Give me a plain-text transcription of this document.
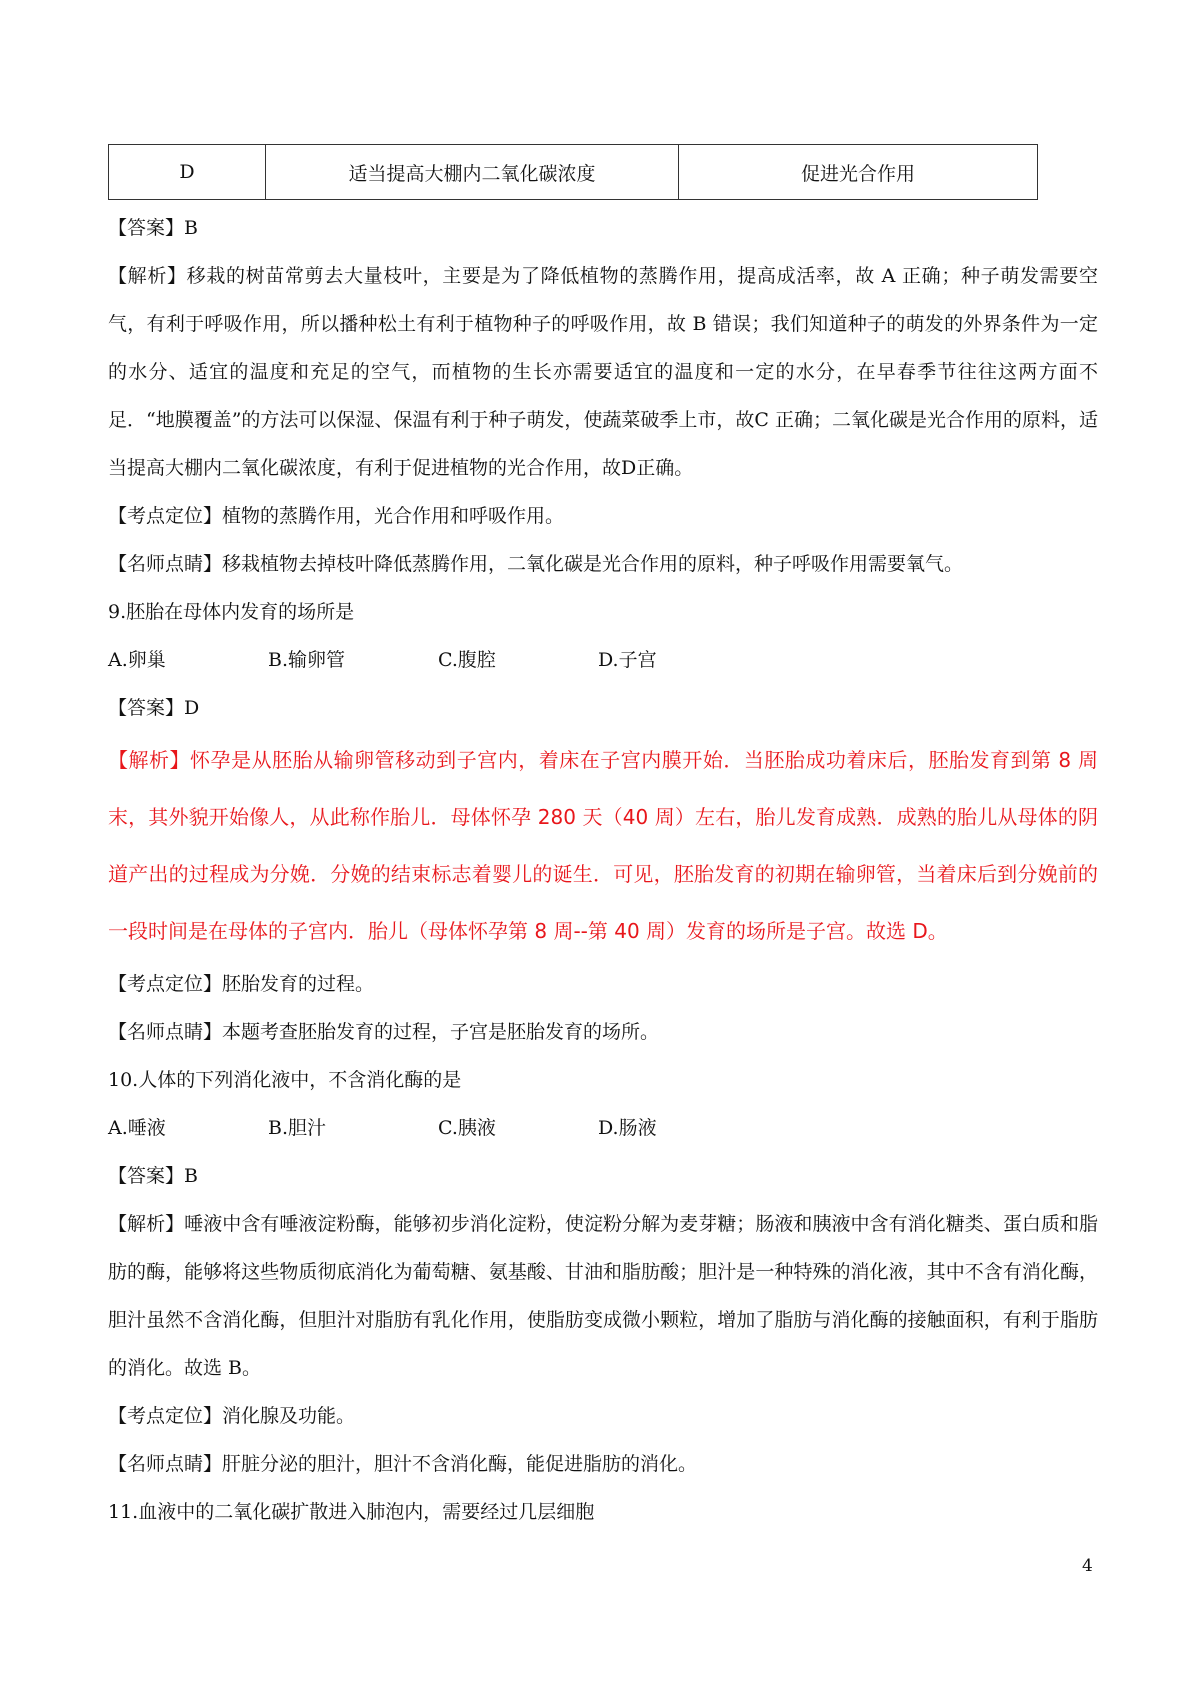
D	适当提高大棚内二氧化碳浓度	促进光合作用

【答案】B

【解析】移栽的树苗常剪去大量枝叶，主要是为了降低植物的蒸腾作用，提高成活率，故 A 正确；种子萌发需要空气，有利于呼吸作用，所以播种松土有利于植物种子的呼吸作用，故 B 错误；我们知道种子的萌发的外界条件为一定的水分、适宜的温度和充足的空气，而植物的生长亦需要适宜的温度和一定的水分，在早春季节往往这两方面不足．“地膜覆盖”的方法可以保湿、保温有利于种子萌发，使蔬菜破季上市，故C 正确；二氧化碳是光合作用的原料，适当提高大棚内二氧化碳浓度，有利于促进植物的光合作用，故D正确。

【考点定位】植物的蒸腾作用，光合作用和呼吸作用。

【名师点睛】移栽植物去掉枝叶降低蒸腾作用，二氧化碳是光合作用的原料，种子呼吸作用需要氧气。

9.胚胎在母体内发育的场所是

A.卵巢	B.输卵管	C.腹腔	D.子宫

【答案】D

【解析】怀孕是从胚胎从输卵管移动到子宫内，着床在子宫内膜开始．当胚胎成功着床后，胚胎发育到第 8 周末，其外貌开始像人，从此称作胎儿．母体怀孕 280 天（40 周）左右，胎儿发育成熟．成熟的胎儿从母体的阴道产出的过程成为分娩．分娩的结束标志着婴儿的诞生．可见，胚胎发育的初期在输卵管，当着床后到分娩前的一段时间是在母体的子宫内．胎儿（母体怀孕第 8 周--第 40 周）发育的场所是子宫。故选 D。

【考点定位】胚胎发育的过程。

【名师点睛】本题考查胚胎发育的过程，子宫是胚胎发育的场所。

10.人体的下列消化液中，不含消化酶的是

A.唾液	B.胆汁	C.胰液	D.肠液

【答案】B

【解析】唾液中含有唾液淀粉酶，能够初步消化淀粉，使淀粉分解为麦芽糖；肠液和胰液中含有消化糖类、蛋白质和脂肪的酶，能够将这些物质彻底消化为葡萄糖、氨基酸、甘油和脂肪酸；胆汁是一种特殊的消化液，其中不含有消化酶，胆汁虽然不含消化酶，但胆汁对脂肪有乳化作用，使脂肪变成微小颗粒，增加了脂肪与消化酶的接触面积，有利于脂肪的消化。故选 B。

【考点定位】消化腺及功能。

【名师点睛】肝脏分泌的胆汁，胆汁不含消化酶，能促进脂肪的消化。

11.血液中的二氧化碳扩散进入肺泡内，需要经过几层细胞

4
